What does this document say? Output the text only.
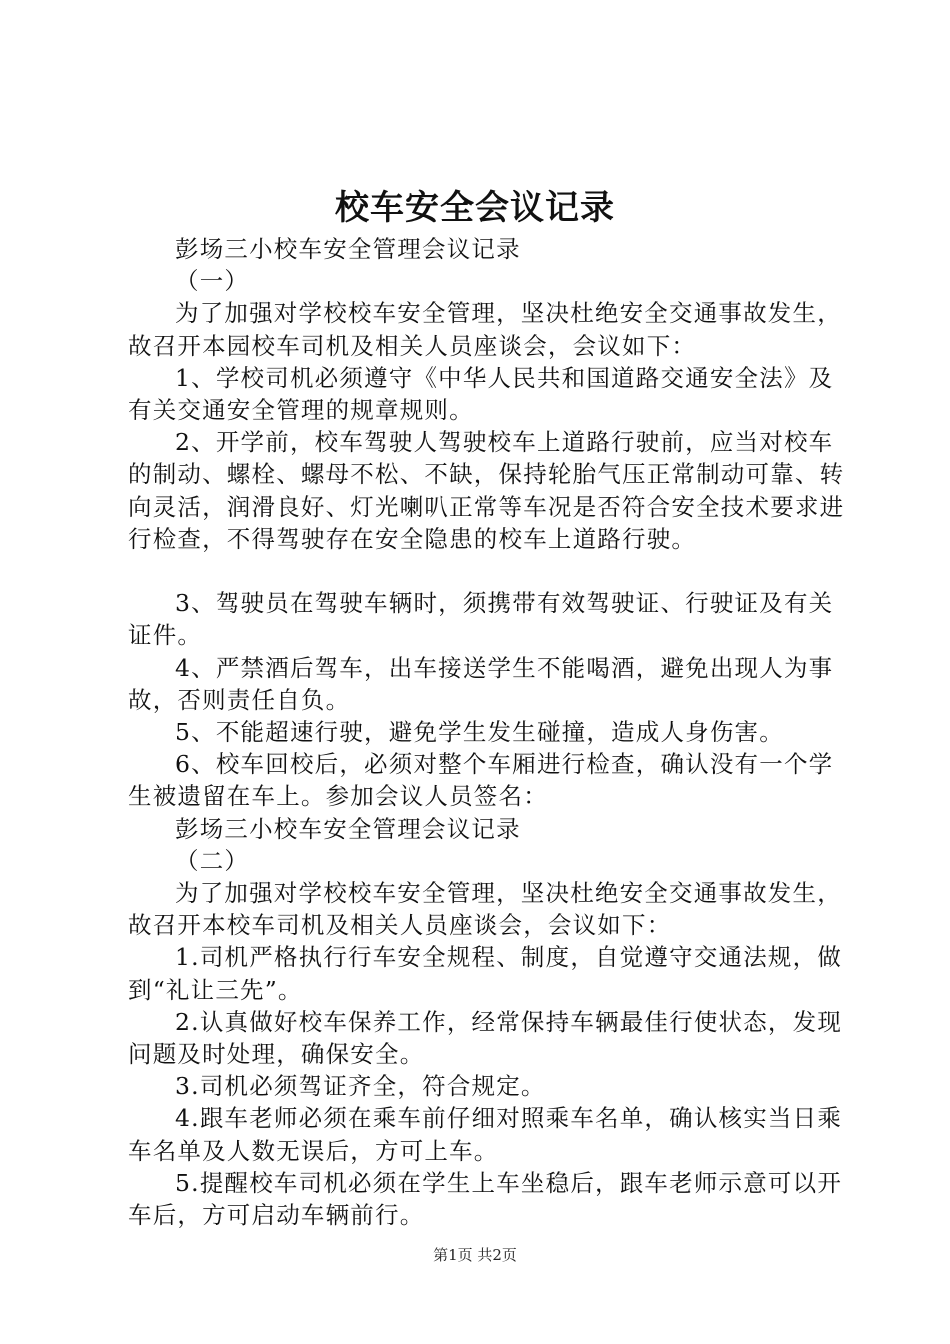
校车安全会议记录

彭场三小校车安全管理会议记录

（一）

为了加强对学校校车安全管理，坚决杜绝安全交通事故发生，故召开本园校车司机及相关人员座谈会，会议如下：

1、学校司机必须遵守《中华人民共和国道路交通安全法》及有关交通安全管理的规章规则。

2、开学前，校车驾驶人驾驶校车上道路行驶前，应当对校车的制动、螺栓、螺母不松、不缺，保持轮胎气压正常制动可靠、转向灵活，润滑良好、灯光喇叭正常等车况是否符合安全技术要求进行检查，不得驾驶存在安全隐患的校车上道路行驶。

3、驾驶员在驾驶车辆时，须携带有效驾驶证、行驶证及有关证件。

4、严禁酒后驾车，出车接送学生不能喝酒，避免出现人为事故，否则责任自负。

5、不能超速行驶，避免学生发生碰撞，造成人身伤害。

6、校车回校后，必须对整个车厢进行检查，确认没有一个学生被遗留在车上。参加会议人员签名：

彭场三小校车安全管理会议记录

（二）

为了加强对学校校车安全管理，坚决杜绝安全交通事故发生，故召开本校车司机及相关人员座谈会，会议如下：

1.司机严格执行行车安全规程、制度，自觉遵守交通法规，做到“礼让三先”。

2.认真做好校车保养工作，经常保持车辆最佳行使状态，发现问题及时处理，确保安全。

3.司机必须驾证齐全，符合规定。

4.跟车老师必须在乘车前仔细对照乘车名单，确认核实当日乘车名单及人数无误后，方可上车。

5.提醒校车司机必须在学生上车坐稳后，跟车老师示意可以开车后，方可启动车辆前行。

第1页 共2页
